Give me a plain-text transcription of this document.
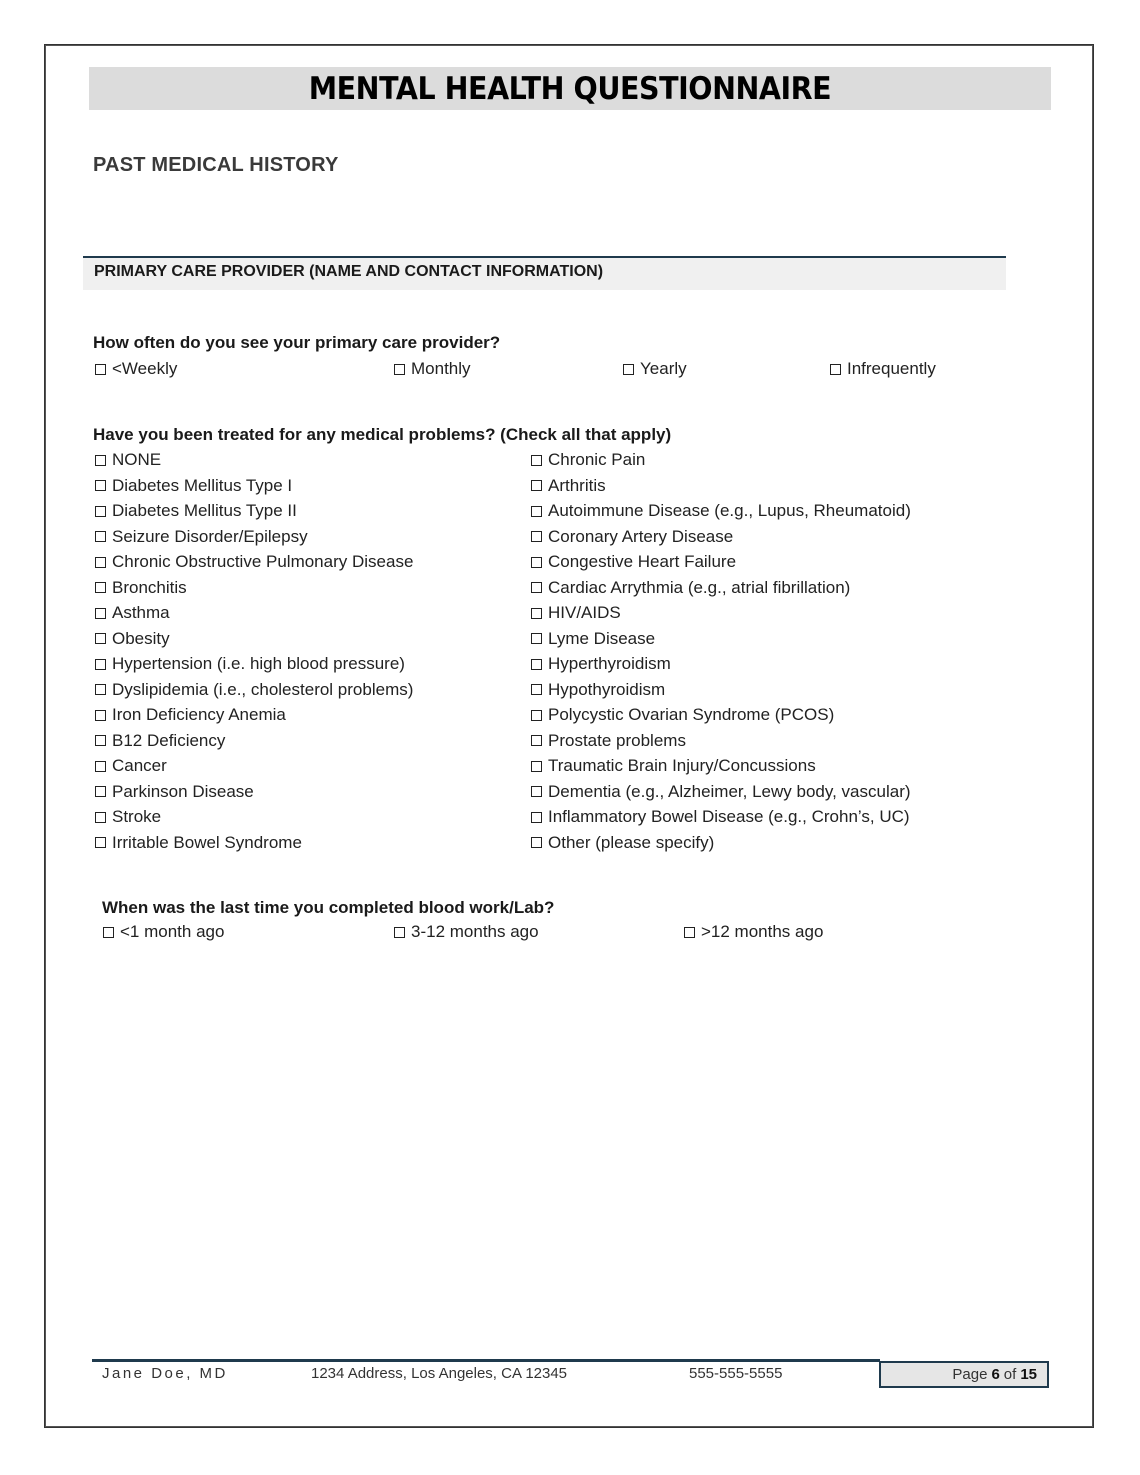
MENTAL HEALTH QUESTIONNAIRE
PAST MEDICAL HISTORY
PRIMARY CARE PROVIDER (NAME AND CONTACT INFORMATION)
How often do you see your primary care provider?
<Weekly	Monthly	Yearly	Infrequently
Have you been treated for any medical problems? (Check all that apply)
NONE
Diabetes Mellitus Type I
Diabetes Mellitus Type II
Seizure Disorder/Epilepsy
Chronic Obstructive Pulmonary Disease
Bronchitis
Asthma
Obesity
Hypertension (i.e. high blood pressure)
Dyslipidemia (i.e., cholesterol problems)
Iron Deficiency Anemia
B12 Deficiency
Cancer
Parkinson Disease
Stroke
Irritable Bowel Syndrome
Chronic Pain
Arthritis
Autoimmune Disease (e.g., Lupus, Rheumatoid)
Coronary Artery Disease
Congestive Heart Failure
Cardiac Arrythmia (e.g., atrial fibrillation)
HIV/AIDS
Lyme Disease
Hyperthyroidism
Hypothyroidism
Polycystic Ovarian Syndrome (PCOS)
Prostate problems
Traumatic Brain Injury/Concussions
Dementia (e.g., Alzheimer, Lewy body, vascular)
Inflammatory Bowel Disease (e.g., Crohn’s, UC)
Other (please specify)
When was the last time you completed blood work/Lab?
<1 month ago	3-12 months ago	>12 months ago
Jane Doe, MD	1234 Address, Los Angeles, CA 12345	555-555-5555	Page 6 of 15
